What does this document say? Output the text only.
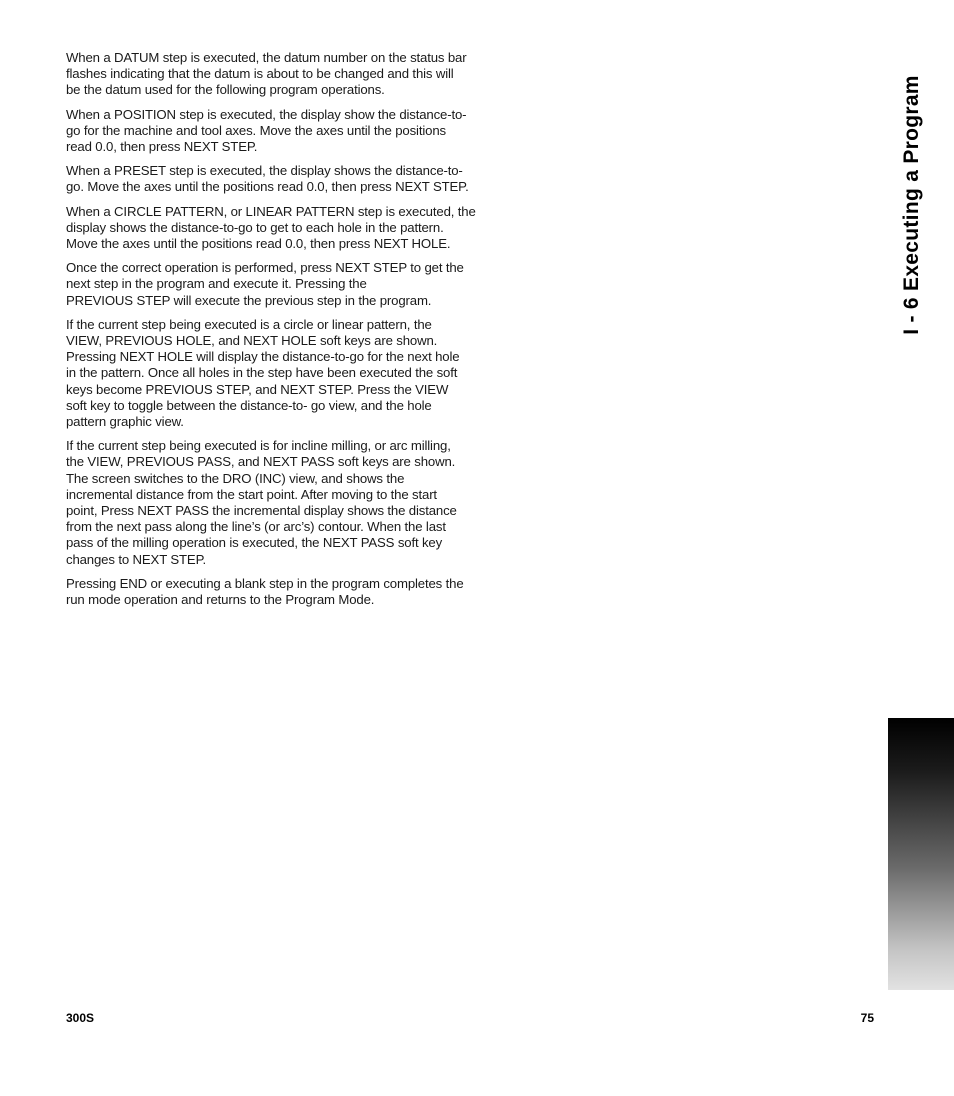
When a DATUM step is executed, the datum number on the status bar
flashes indicating that the datum is about to be changed and this will
be the datum used for the following program operations.

When a POSITION step is executed, the display show the distance-to-
go for the machine and tool axes. Move the axes until the positions
read 0.0, then press NEXT STEP.

When a PRESET step is executed, the display shows the distance-to-
go. Move the axes until the positions read 0.0, then press NEXT STEP.

When a CIRCLE PATTERN, or LINEAR PATTERN step is executed, the
display shows the distance-to-go to get to each hole in the pattern.
Move the axes until the positions read 0.0, then press NEXT HOLE.

Once the correct operation is performed, press NEXT STEP to get the
next step in the program and execute it. Pressing the
PREVIOUS STEP will execute the previous step in the program.

If the current step being executed is a circle or linear pattern, the
VIEW, PREVIOUS HOLE, and NEXT HOLE soft keys are shown.
Pressing NEXT HOLE will display the distance-to-go for the next hole
in the pattern. Once all holes in the step have been executed the soft
keys become PREVIOUS STEP, and NEXT STEP. Press the VIEW
soft key to toggle between the distance-to- go view, and the hole
pattern graphic view.

If the current step being executed is for incline milling, or arc milling,
the VIEW, PREVIOUS PASS, and NEXT PASS soft keys are shown.
The screen switches to the DRO (INC) view, and shows the
incremental distance from the start point. After moving to the start
point, Press NEXT PASS the incremental display shows the distance
from the next pass along the line’s (or arc’s) contour. When the last
pass of the milling operation is executed, the NEXT PASS soft key
changes to NEXT STEP.

Pressing END or executing a blank step in the program completes the
run mode operation and returns to the Program Mode.

I - 6 Executing a Program
300S	75
